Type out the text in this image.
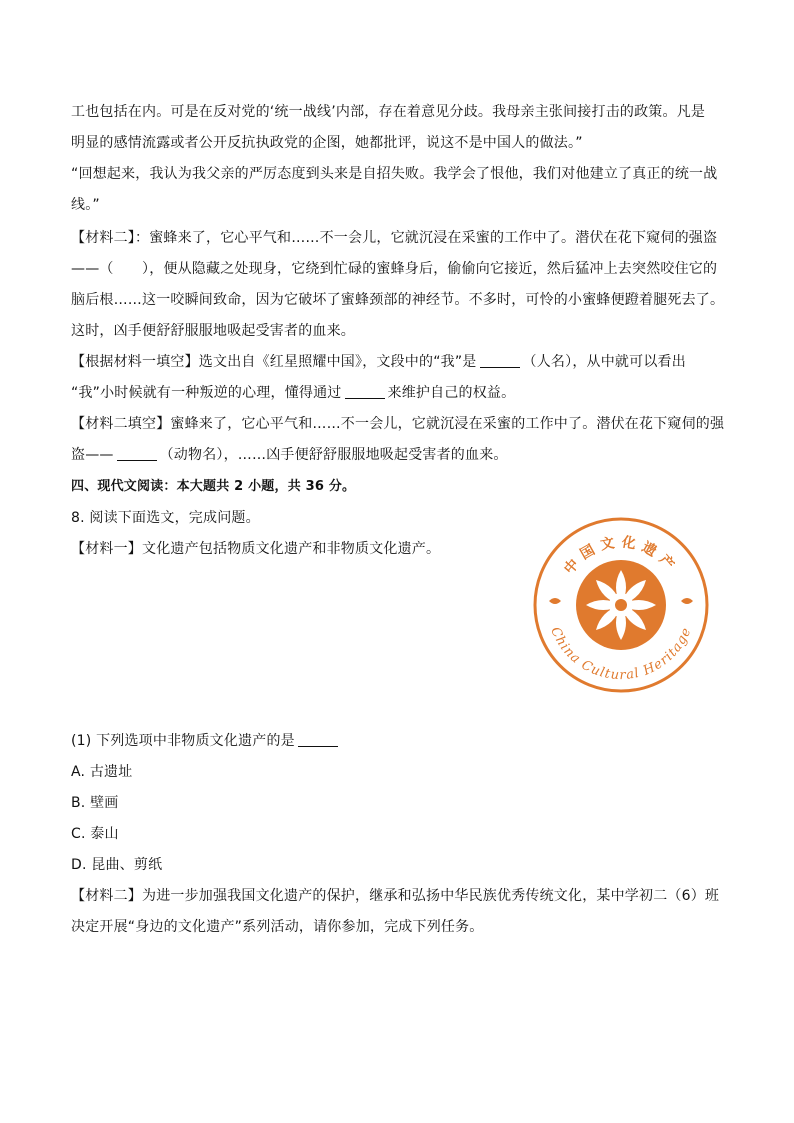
工也包括在内。可是在反对党的‘统一战线’内部，存在着意见分歧。我母亲主张间接打击的政策。凡是
明显的感情流露或者公开反抗执政党的企图，她都批评，说这不是中国人的做法。”
“回想起来，我认为我父亲的严厉态度到头来是自招失败。我学会了恨他，我们对他建立了真正的统一战
线。”
【材料二】：蜜蜂来了，它心平气和……不一会儿，它就沉浸在采蜜的工作中了。潜伏在花下窥伺的强盗
——（　　），便从隐藏之处现身，它绕到忙碌的蜜蜂身后，偷偷向它接近，然后猛冲上去突然咬住它的
脑后根……这一咬瞬间致命，因为它破坏了蜜蜂颈部的神经节。不多时，可怜的小蜜蜂便蹬着腿死去了。
这时，凶手便舒舒服服地吸起受害者的血来。
【根据材料一填空】选文出自《红星照耀中国》，文段中的“我”是	（人名），从中就可以看出
“我”小时候就有一种叛逆的心理，懂得通过	来维护自己的权益。
【材料二填空】蜜蜂来了，它心平气和……不一会儿，它就沉浸在采蜜的工作中了。潜伏在花下窥伺的强
盗——	（动物名），……凶手便舒舒服服地吸起受害者的血来。
四、现代文阅读：本大题共 2 小题，共 36 分。
8. 阅读下面选文，完成问题。
【材料一】文化遗产包括物质文化遗产和非物质文化遗产。
中国文化遗产
China Cultural Heritage
(1) 下列选项中非物质文化遗产的是
A. 古遗址
B. 壁画
C. 泰山
D. 昆曲、剪纸
【材料二】为进一步加强我国文化遗产的保护，继承和弘扬中华民族优秀传统文化，某中学初二（6）班
决定开展“身边的文化遗产”系列活动，请你参加，完成下列任务。
